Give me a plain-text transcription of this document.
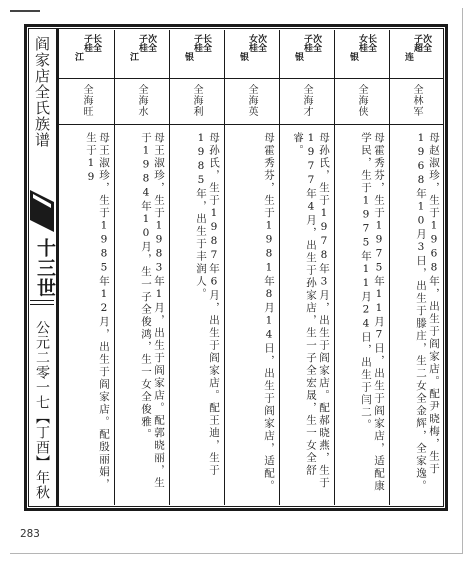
阎家店全氏族谱
十三世
公元二零一七【丁酉】年秋
江
子桂 长全
全海旺
母王淑珍，生于1985年12月，出生于阎家店。配殷丽娟，生于19
江
子桂 次全
全海水
母王淑珍，生于1983年1月，出生于阎家店。配郭晓丽，生于1984年10月，生一子全俊鸿，生一女全俊雅。
银
子桂 长全
全海利
母孙氏，生于1987年6月，出生于阎家店。配王迪，生于1985年，出生于丰润人。
银
女桂 次全
全海英
母霍秀芬，生于1981年8月14日，出生于阎家店，适配。
银
子桂 次全
全海才
母孙氏，生于1978年3月，出生于阎家店。配郝晓燕，生于1977年4月，出生于孙家店，生一子全宏晟，生一女全舒睿。
银
女桂 长全
全海侠
母霍秀芬，生于1975年11月7日，出生于阎家店，适配康学民，生于1975年11月24日，出生于闫二。
连
子超 次全
全林军
母赵淑珍，生于1968年，出生于阎家店。配尹晓梅，生于1968年10月3日，出生于滕庄，生二女全金辉，全家逸。
283
